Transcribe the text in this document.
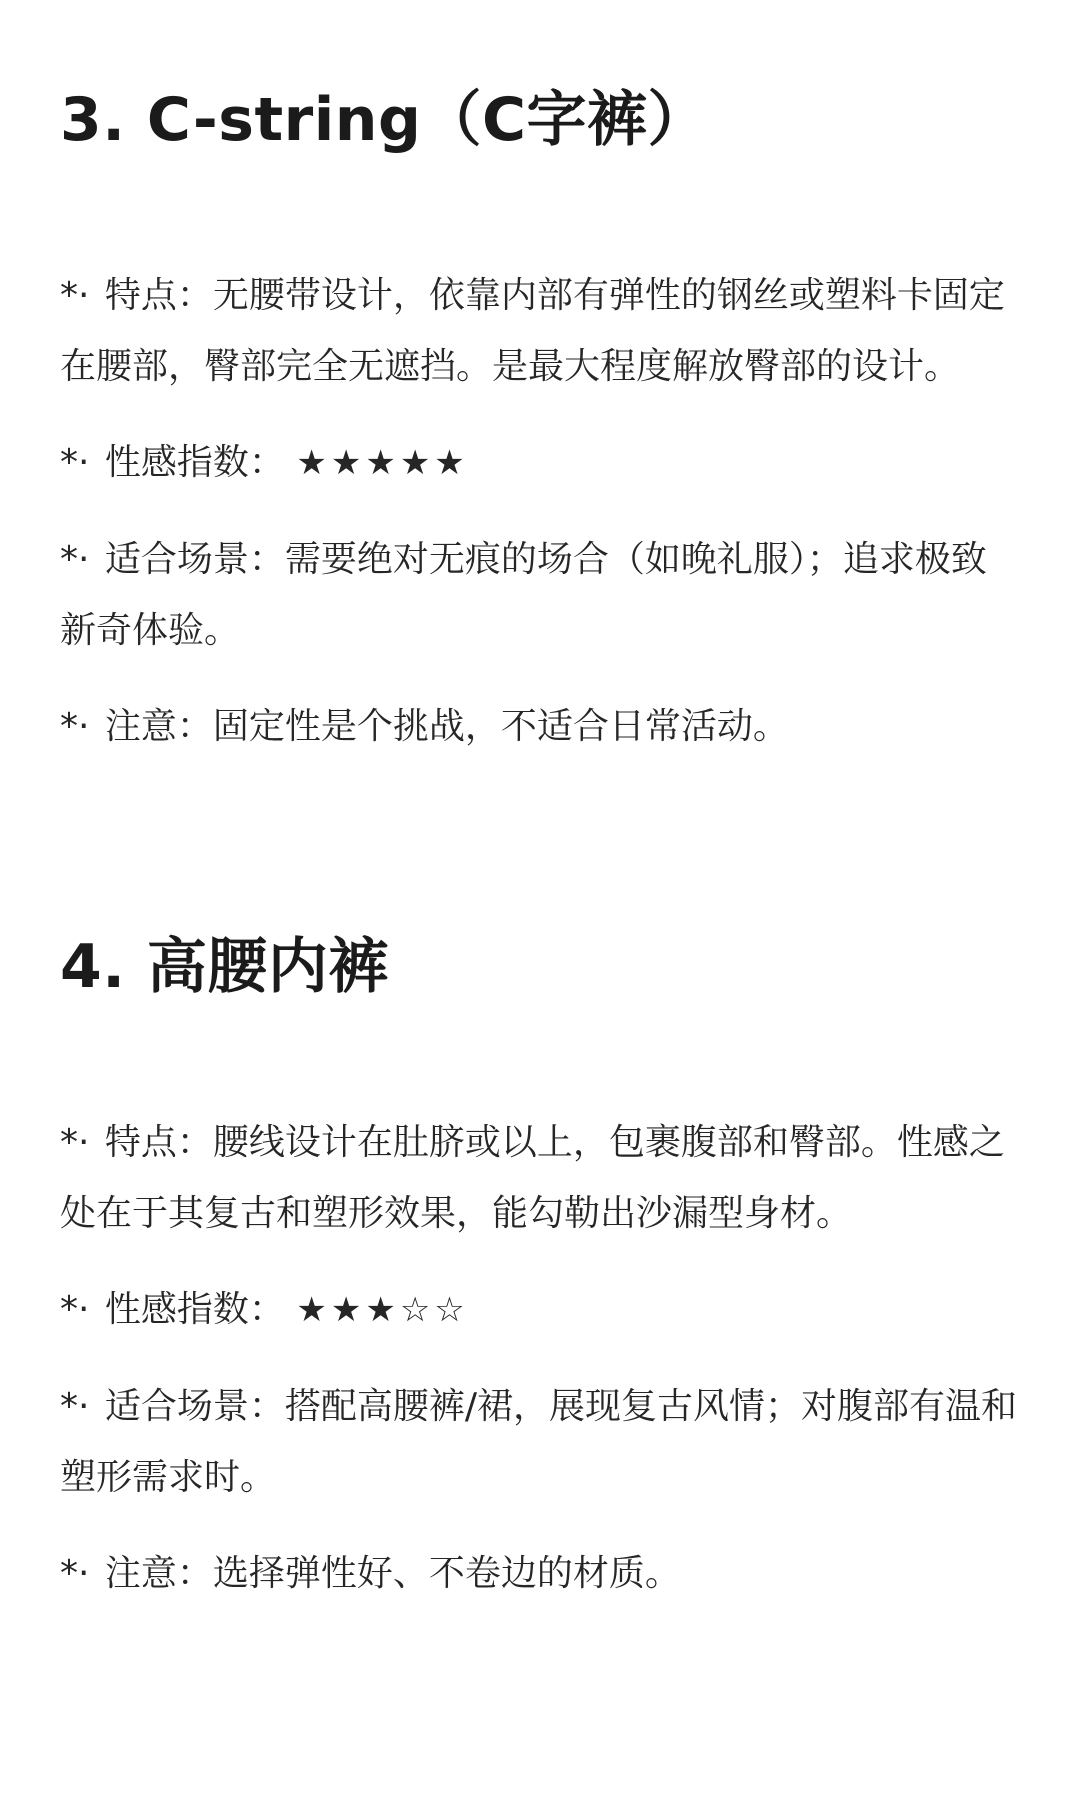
3. C-string（C字裤）
*· 特点：无腰带设计，依靠内部有弹性的钢丝或塑料卡固定在腰部，臀部完全无遮挡。是最大程度解放臀部的设计。
*· 性感指数： ★★★★★
*· 适合场景：需要绝对无痕的场合（如晚礼服）；追求极致新奇体验。
*· 注意：固定性是个挑战，不适合日常活动。
4. 高腰内裤
*· 特点：腰线设计在肚脐或以上，包裹腹部和臀部。性感之处在于其复古和塑形效果，能勾勒出沙漏型身材。
*· 性感指数： ★★★☆☆
*· 适合场景：搭配高腰裤/裙，展现复古风情；对腹部有温和塑形需求时。
*· 注意：选择弹性好、不卷边的材质。
